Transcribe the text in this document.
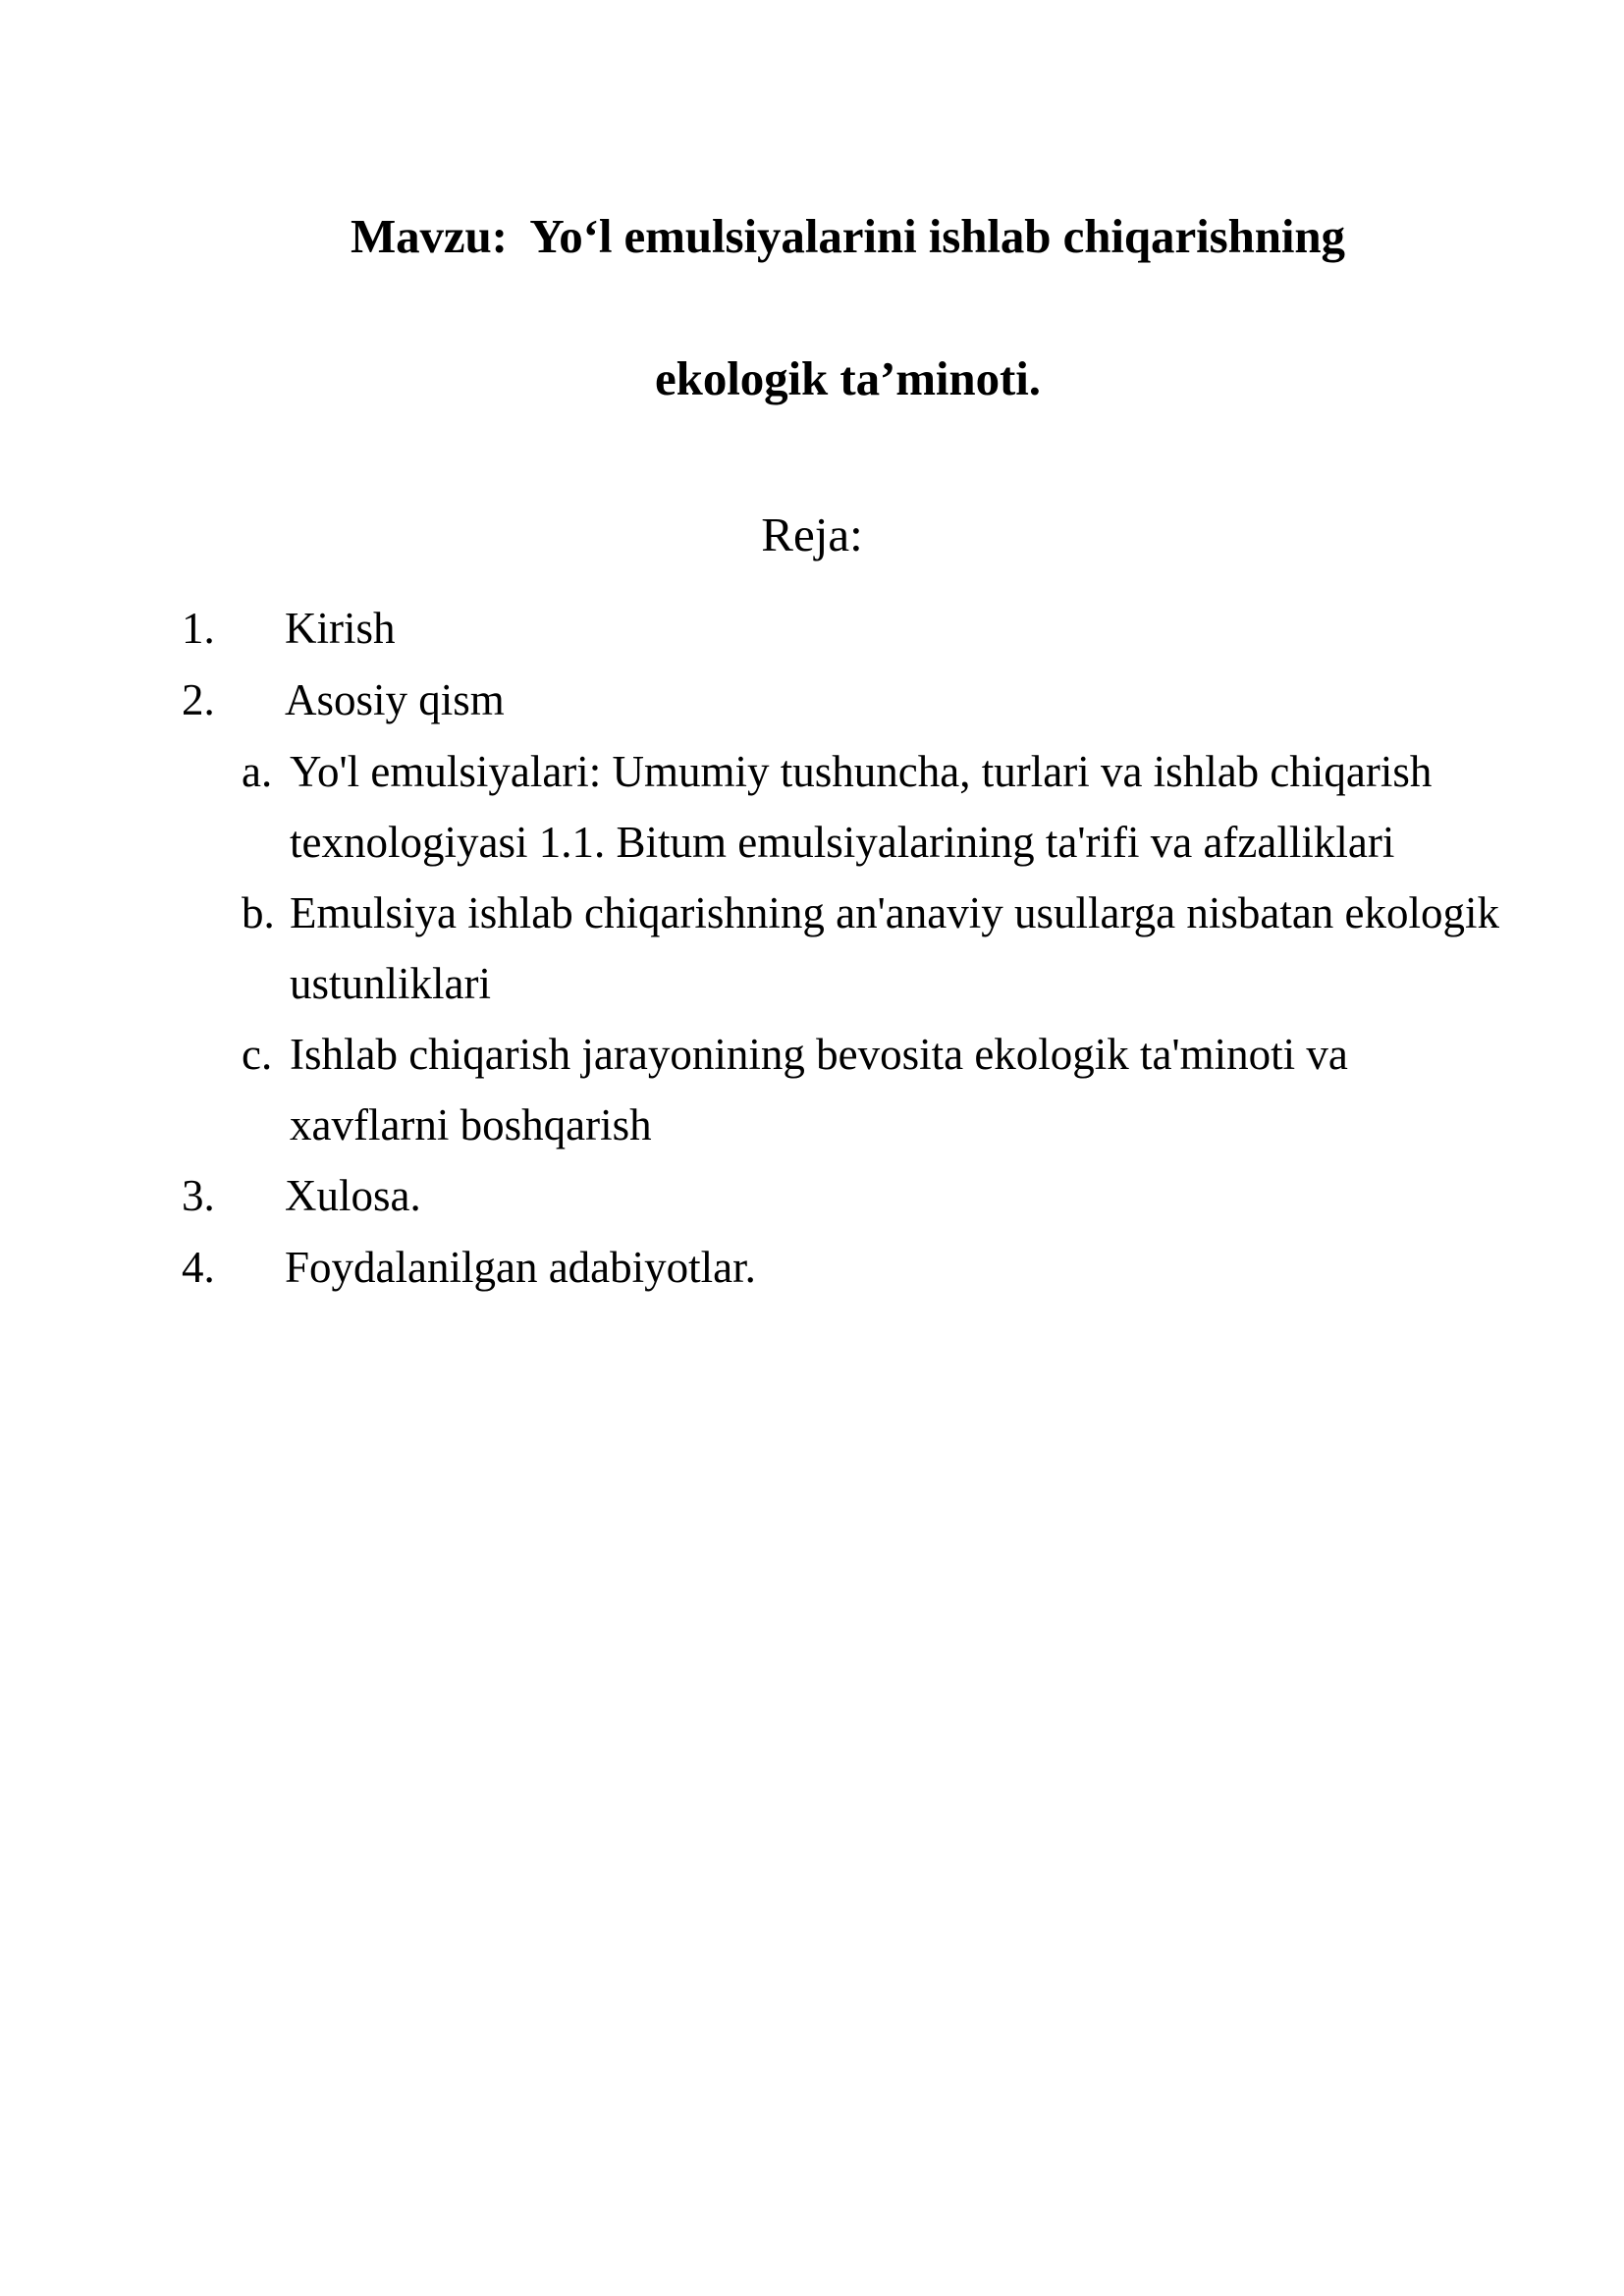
Mavzu:  Yo‘l emulsiyalarini ishlab chiqarishning

ekologik ta’minoti.

Reja:
1.	Kirish
2.	Asosiy qism
a. Yo'l emulsiyalari: Umumiy tushuncha, turlari va ishlab chiqarish texnologiyasi 1.1. Bitum emulsiyalarining ta'rifi va afzalliklari
b. Emulsiya ishlab chiqarishning an'anaviy usullarga nisbatan ekologik ustunliklari
c. Ishlab chiqarish jarayonining bevosita ekologik ta'minoti va xavflarni boshqarish
3.	Xulosa.
4.	Foydalanilgan adabiyotlar.
